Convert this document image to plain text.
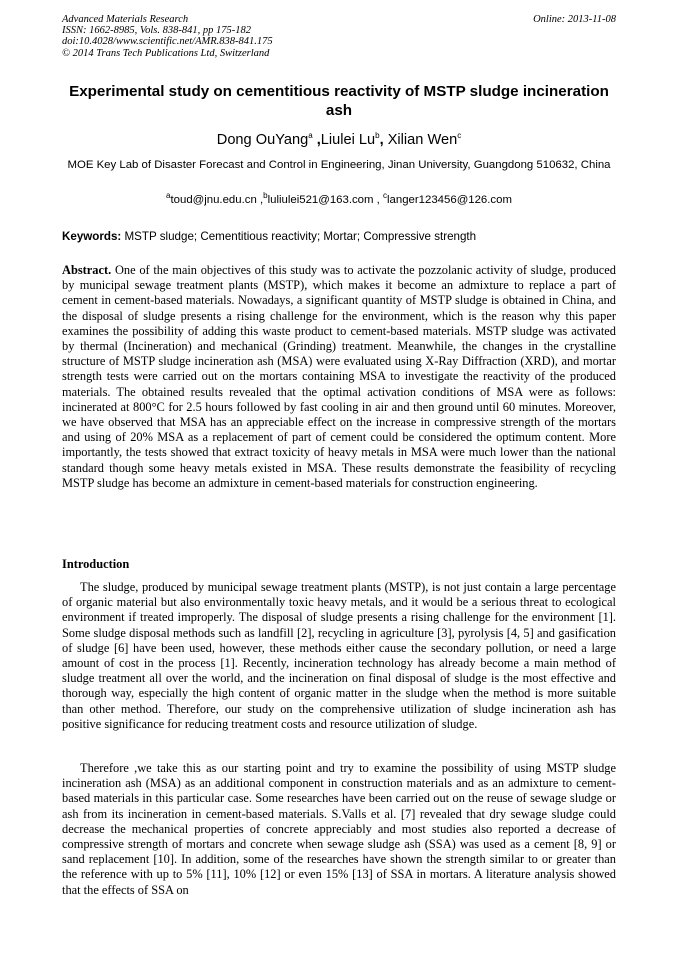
Advanced Materials Research
ISSN: 1662-8985, Vols. 838-841, pp 175-182
doi:10.4028/www.scientific.net/AMR.838-841.175
© 2014 Trans Tech Publications Ltd, Switzerland
Online: 2013-11-08
Experimental study on cementitious reactivity of MSTP sludge incineration ash
Dong OuYang$^a$ ,Liulei Lu$^b$, Xilian Wen$^c$
MOE Key Lab of Disaster Forecast and Control in Engineering, Jinan University, Guangdong 510632, China
$^a$toud@jnu.edu.cn ,$^b$luliulei521@163.com , $^c$langer123456@126.com
Keywords: MSTP sludge; Cementitious reactivity; Mortar; Compressive strength
Abstract. One of the main objectives of this study was to activate the pozzolanic activity of sludge, produced by municipal sewage treatment plants (MSTP), which makes it become an admixture to replace a part of cement in cement-based materials. Nowadays, a significant quantity of MSTP sludge is obtained in China, and the disposal of sludge presents a rising challenge for the environment, which is the reason why this paper examines the possibility of adding this waste product to cement-based materials. MSTP sludge was activated by thermal (Incineration) and mechanical (Grinding) treatment. Meanwhile, the changes in the crystalline structure of MSTP sludge incineration ash (MSA) were evaluated using X-Ray Diffraction (XRD), and mortar strength tests were carried out on the mortars containing MSA to investigate the reactivity of the produced materials. The obtained results revealed that the optimal activation conditions of MSA were as follows: incinerated at 800°C for 2.5 hours followed by fast cooling in air and then ground until 60 minutes. Moreover, we have observed that MSA has an appreciable effect on the increase in compressive strength of the mortars and using of 20% MSA as a replacement of part of cement could be considered the optimum content. More importantly, the tests showed that extract toxicity of heavy metals in MSA were much lower than the national standard though some heavy metals existed in MSA. These results demonstrate the feasibility of recycling MSTP sludge has become an admixture in cement-based materials for construction engineering.
Introduction

The sludge, produced by municipal sewage treatment plants (MSTP), is not just contain a large percentage of organic material but also environmentally toxic heavy metals, and it would be a serious threat to ecological environment if treated improperly. The disposal of sludge presents a rising challenge for the environment [1]. Some sludge disposal methods such as landfill [2], recycling in agriculture [3], pyrolysis [4, 5] and gasification of sludge [6] have been used, however, these methods either cause the secondary pollution, or need a large amount of cost in the process [1]. Recently, incineration technology has already become a main method of sludge treatment all over the world, and the incineration on final disposal of sludge is the most effective and thorough way, especially the high content of organic matter in the sludge when the method is more suitable than other method. Therefore, our study on the comprehensive utilization of sludge incineration ash has positive significance for reducing treatment costs and resource utilization of sludge.

Therefore ,we take this as our starting point and try to examine the possibility of using MSTP sludge incineration ash (MSA) as an additional component in construction materials and as an admixture to cement-based materials in this particular case. Some researches have been carried out on the reuse of sewage sludge or ash from its incineration in cement-based materials. S.Valls et al. [7] revealed that dry sewage sludge could decrease the mechanical properties of concrete appreciably and most studies also reported a decrease of compressive strength of mortars and concrete when sewage sludge ash (SSA) was used as a cement [8, 9] or sand replacement [10]. In addition, some of the researches have shown the strength similar to or greater than the reference with up to 5% [11], 10% [12] or even 15% [13] of SSA in mortars. A literature analysis showed that the effects of SSA on
